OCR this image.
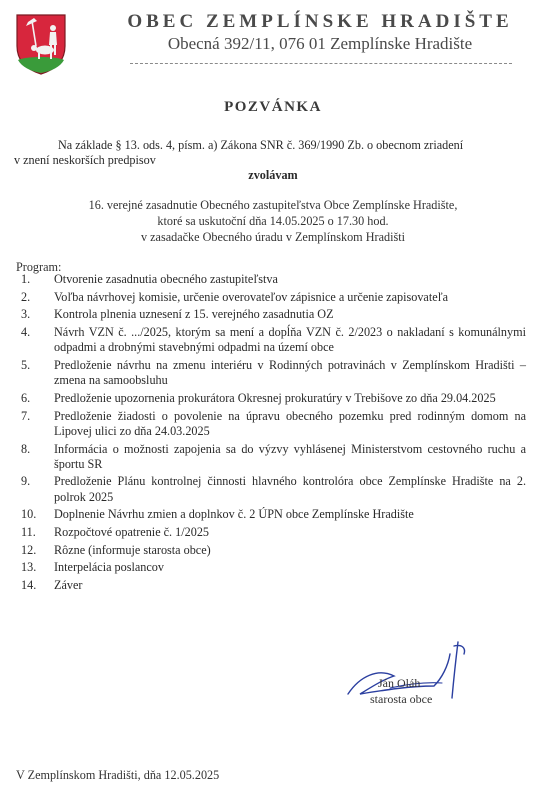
OBEC ZEMPLÍNSKE HRADIŠTE
Obecná 392/11, 076 01 Zemplínske Hradište
POZVÁNKA
Na základe § 13. ods. 4, písm. a) Zákona SNR č. 369/1990 Zb. o obecnom zriadení
v znení neskorších predpisov
zvolávam
16. verejné zasadnutie Obecného zastupiteľstva Obce Zemplínske Hradište,
ktoré sa uskutoční dňa 14.05.2025 o 17.30 hod.
v zasadačke Obecného úradu v Zemplínskom Hradišti
Program:
1. Otvorenie zasadnutia obecného zastupiteľstva
2. Voľba návrhovej komisie, určenie overovateľov zápisnice a určenie zapisovateľa
3. Kontrola plnenia uznesení z 15. verejného zasadnutia OZ
4. Návrh VZN č. .../2025, ktorým sa mení a dopĺňa VZN č. 2/2023 o nakladaní s komunálnymi odpadmi a drobnými stavebnými odpadmi na území obce
5. Predloženie návrhu na zmenu interiéru v Rodinných potravinách v Zemplínskom Hradišti – zmena na samoobsluhu
6. Predloženie upozornenia prokurátora Okresnej prokuratúry v Trebišove zo dňa 29.04.2025
7. Predloženie žiadosti o povolenie na úpravu obecného pozemku pred rodinným domom na Lipovej ulici zo dňa 24.03.2025
8. Informácia o možnosti zapojenia sa do výzvy vyhlásenej Ministerstvom cestovného ruchu a športu SR
9. Predloženie Plánu kontrolnej činnosti hlavného kontrolóra obce Zemplínske Hradište na 2. polrok 2025
10. Doplnenie Návrhu zmien a doplnkov č. 2 ÚPN obce Zemplínske Hradište
11. Rozpočtové opatrenie č. 1/2025
12. Rôzne (informuje starosta obce)
13. Interpelácia poslancov
14. Záver
Ján Oláh
starosta obce
V Zemplínskom Hradišti, dňa 12.05.2025
